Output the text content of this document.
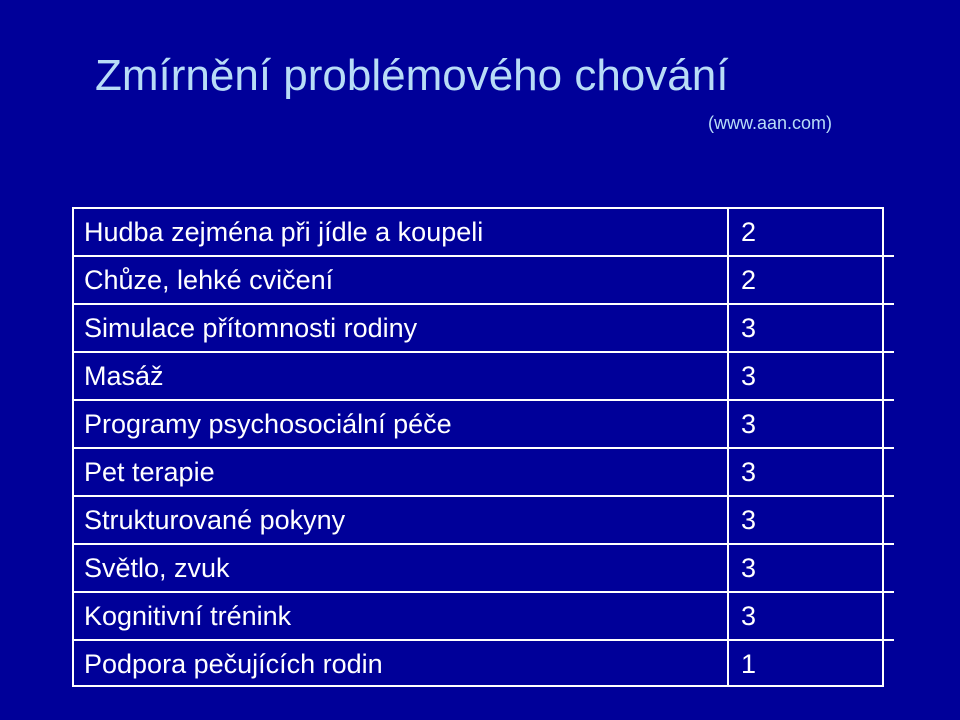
Zmírnění problémového chování
(www.aan.com)
Hudba zejména při jídle a koupeli	2
Chůze, lehké cvičení	2
Simulace přítomnosti rodiny	3
Masáž	3
Programy psychosociální péče	3
Pet terapie	3
Strukturované pokyny	3
Světlo, zvuk	3
Kognitivní trénink	3
Podpora pečujících rodin	1
